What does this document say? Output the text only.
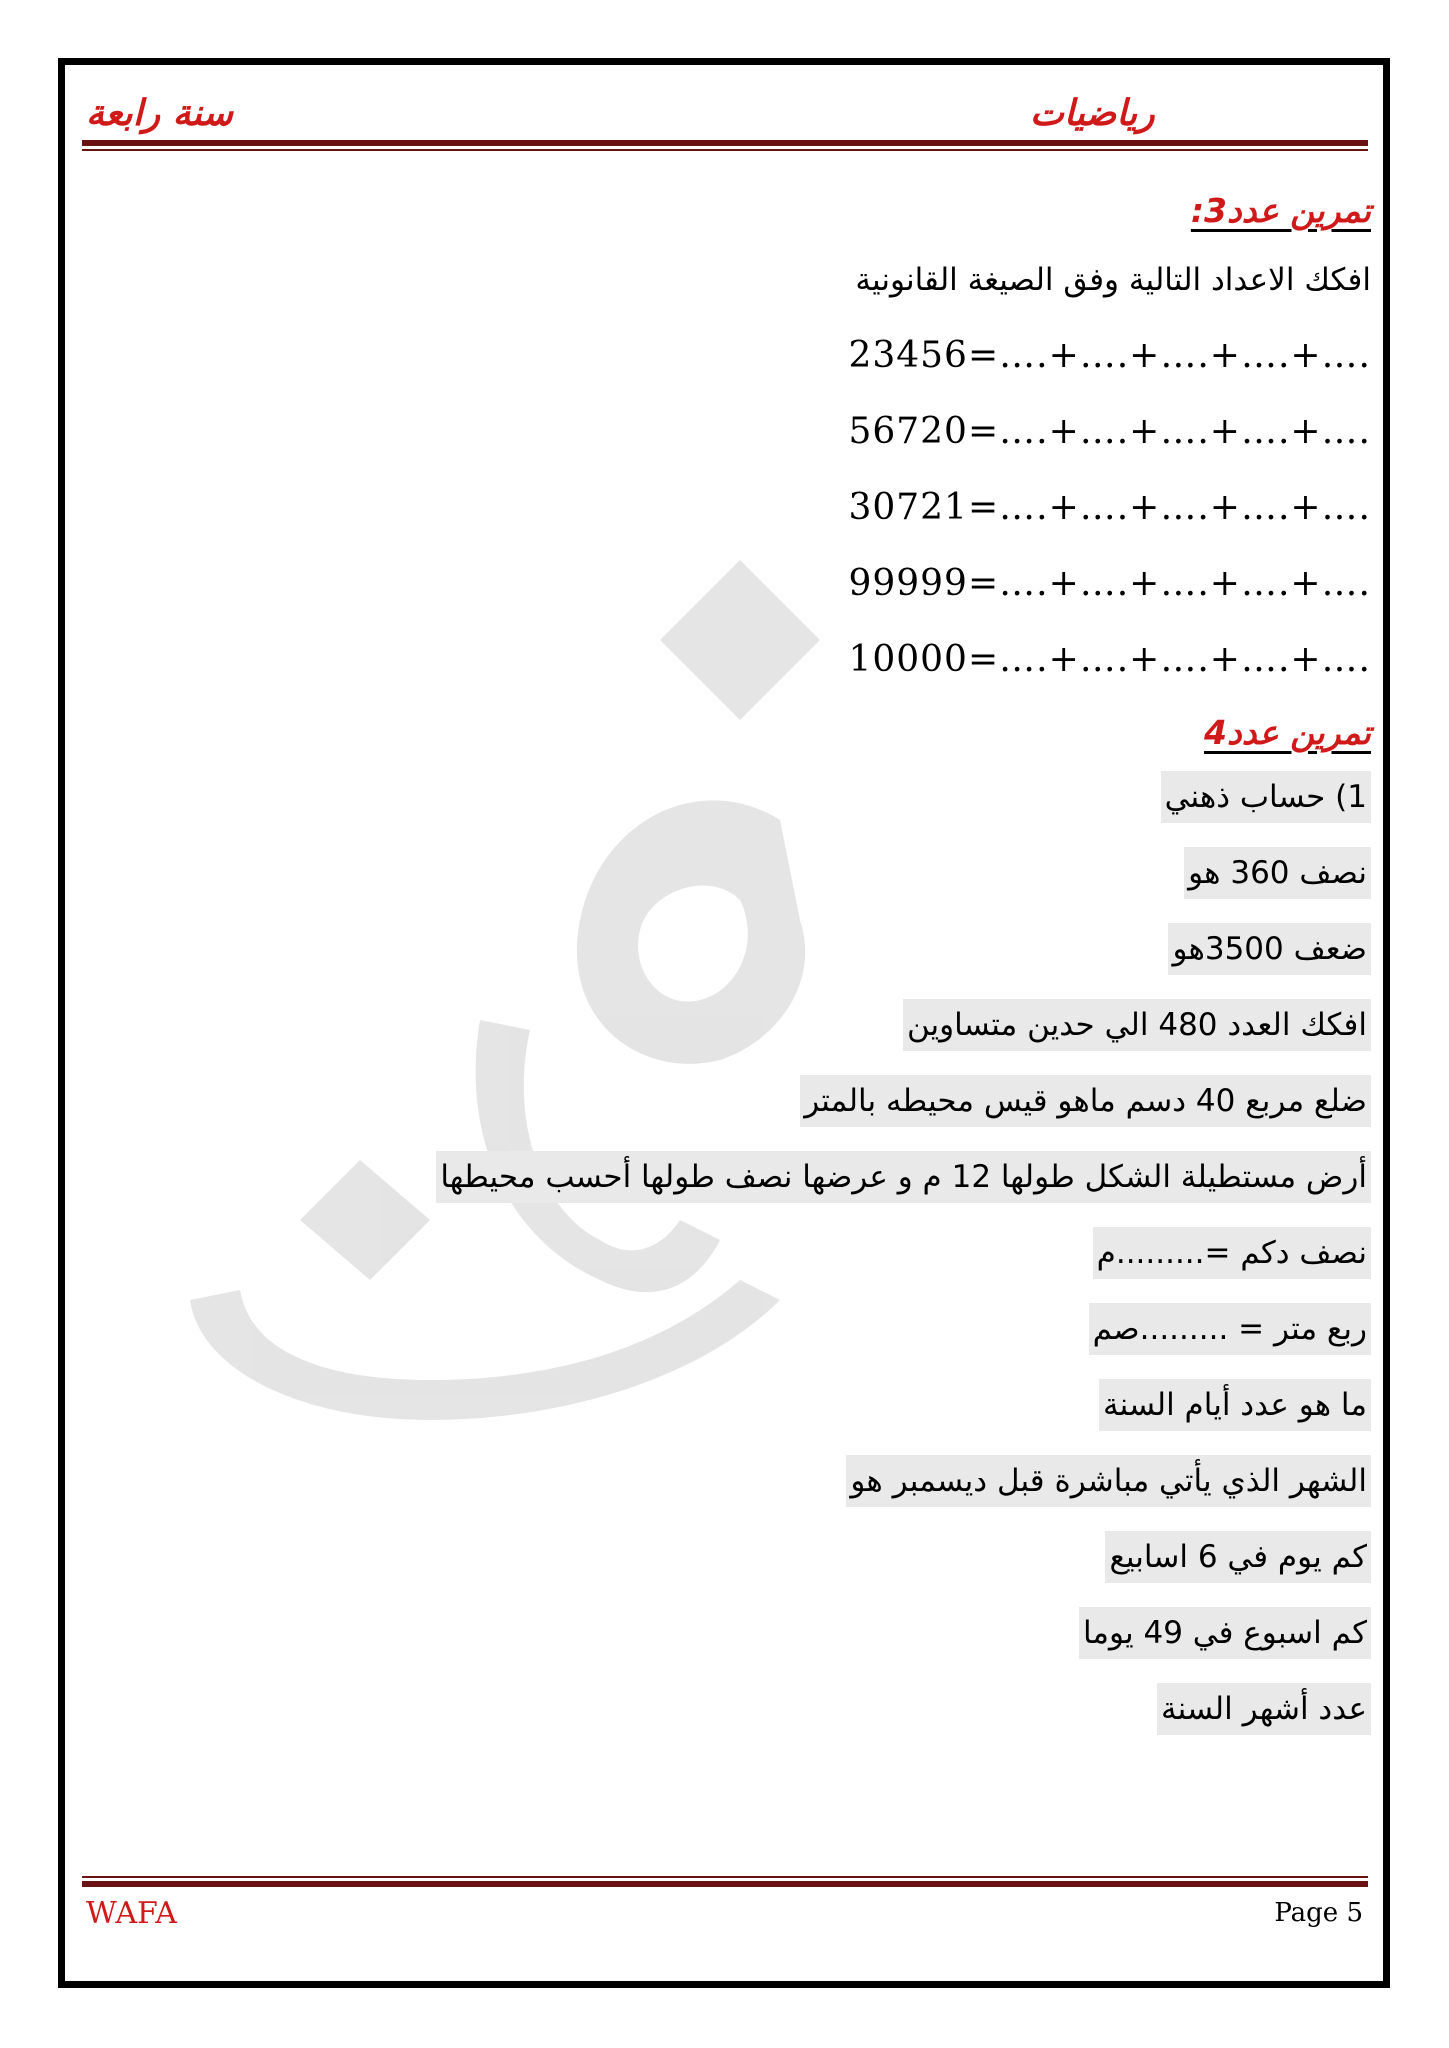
سنة رابعة	رياضيات
تمرين عدد3:
افكك الاعداد التالية وفق الصيغة القانونية
23456=….+….+….+….+….
56720=….+….+….+….+….
30721=….+….+….+….+….
99999=….+….+….+….+….
10000=….+….+….+….+….
تمرين عدد4
1) حساب ذهني
نصف 360 هو
ضعف 3500هو
افكك العدد 480 الي حدين متساوين
ضلع مربع 40 دسم ماهو قيس محيطه بالمتر
أرض مستطيلة الشكل طولها 12 م و عرضها نصف طولها أحسب محيطها
نصف دكم =.........م
ربع متر = .........صم
ما هو عدد أيام السنة
الشهر الذي يأتي مباشرة قبل ديسمبر هو
كم يوم في 6 اسابيع
كم اسبوع في 49 يوما
عدد أشهر السنة
WAFA	Page 5
